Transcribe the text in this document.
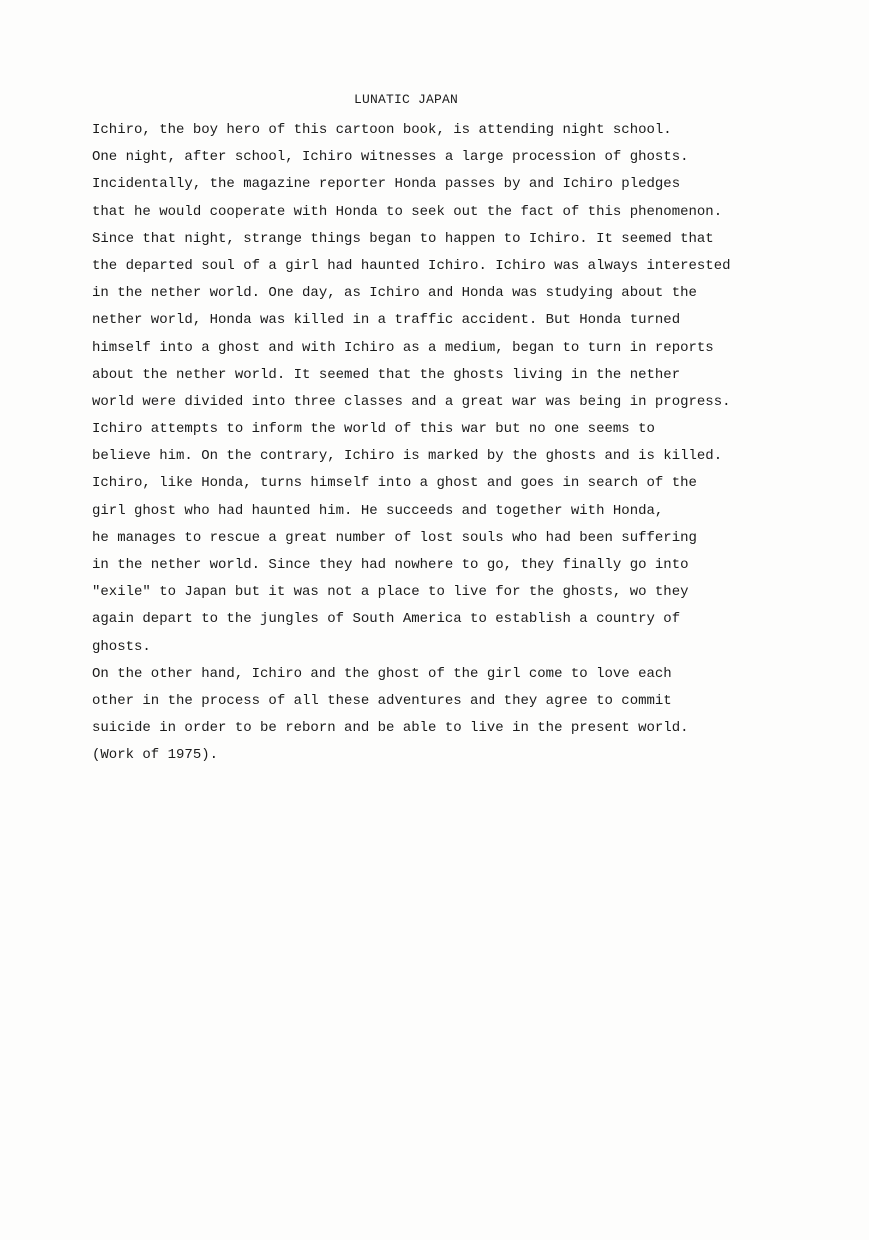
LUNATIC JAPAN
Ichiro, the boy hero of this cartoon book, is attending night school.
One night, after school, Ichiro witnesses a large procession of ghosts.
Incidentally, the magazine reporter Honda passes by and Ichiro pledges
that he would cooperate with Honda to seek out the fact of this phenomenon.
Since that night, strange things began to happen to Ichiro. It seemed that
the departed soul of a girl had haunted Ichiro. Ichiro was always interested
in the nether world. One day, as Ichiro and Honda was studying about the
nether world, Honda was killed in a traffic accident. But Honda turned
himself into a ghost and with Ichiro as a medium, began to turn in reports
about the nether world. It seemed that the ghosts living in the nether
world were divided into three classes and a great war was being in progress.
Ichiro attempts to inform the world of this war but no one seems to
believe him. On the contrary, Ichiro is marked by the ghosts and is killed.
Ichiro, like Honda, turns himself into a ghost and goes in search of the
girl ghost who had haunted him. He succeeds and together with Honda,
he manages to rescue a great number of lost souls who had been suffering
in the nether world. Since they had nowhere to go, they finally go into
"exile" to Japan but it was not a place to live for the ghosts, wo they
again depart to the jungles of South America to establish a country of
ghosts.
On the other hand, Ichiro and the ghost of the girl come to love each
other in the process of all these adventures and they agree to commit
suicide in order to be reborn and be able to live in the present world.
(Work of 1975).
